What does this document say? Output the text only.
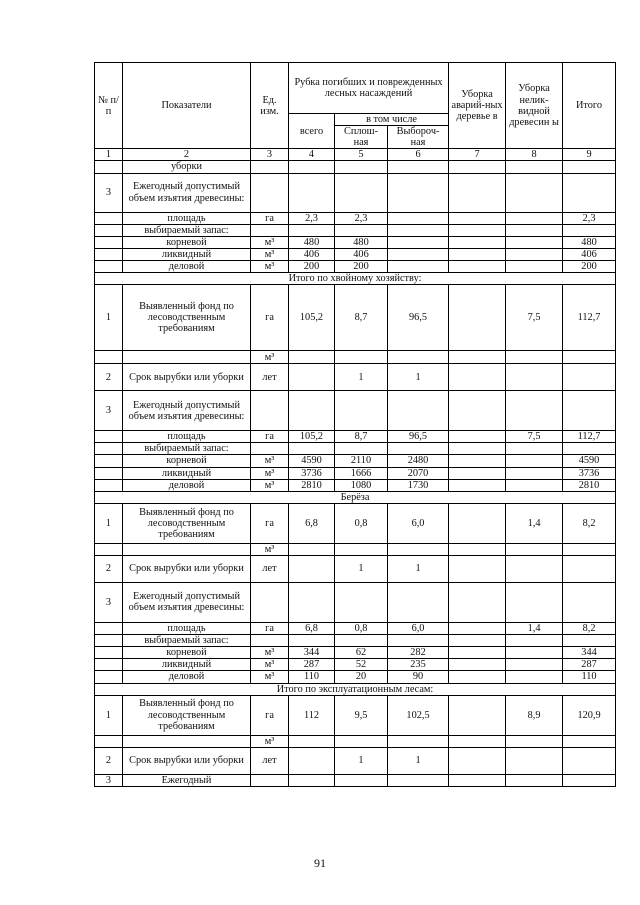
№ п/п	Показатели	Ед. изм.	Рубка погибших и поврежденных лесных насаждений			Уборка аварий-ных деревье в	Уборка нелик-видной древесин ы	Итого
			всего	в том числе				
				Сплош-ная	Выбороч-ная			
1	2	3	4	5	6	7	8	9
	уборки							
3	Ежегодный допустимый объем изъятия древесины:							
	площадь	га	2,3	2,3				2,3
	выбираемый запас:							
	корневой	м³	480	480				480
	ликвидный	м³	406	406				406
	деловой	м³	200	200				200
Итого по хвойному хозяйству:								
1	Выявленный фонд по лесоводственным требованиям	га	105,2	8,7	96,5		7,5	112,7
		м³						
2	Срок вырубки или уборки	лет		1	1			
3	Ежегодный допустимый объем изъятия древесины:							
	площадь	га	105,2	8,7	96,5		7,5	112,7
	выбираемый запас:							
	корневой	м³	4590	2110	2480			4590
	ликвидный	м³	3736	1666	2070			3736
	деловой	м³	2810	1080	1730			2810
Берёза								
1	Выявленный фонд по лесоводственным требованиям	га	6,8	0,8	6,0		1,4	8,2
		м³						
2	Срок вырубки или уборки	лет		1	1			
3	Ежегодный допустимый объем изъятия древесины:							
	площадь	га	6,8	0,8	6,0		1,4	8,2
	выбираемый запас:							
	корневой	м³	344	62	282			344
	ликвидный	м³	287	52	235			287
	деловой	м³	110	20	90			110
Итого по эксплуатационным лесам:								
1	Выявленный фонд по лесоводственным требованиям	га	112	9,5	102,5		8,9	120,9
		м³						
2	Срок вырубки или уборки	лет		1	1			
3	Ежегодный							
91
